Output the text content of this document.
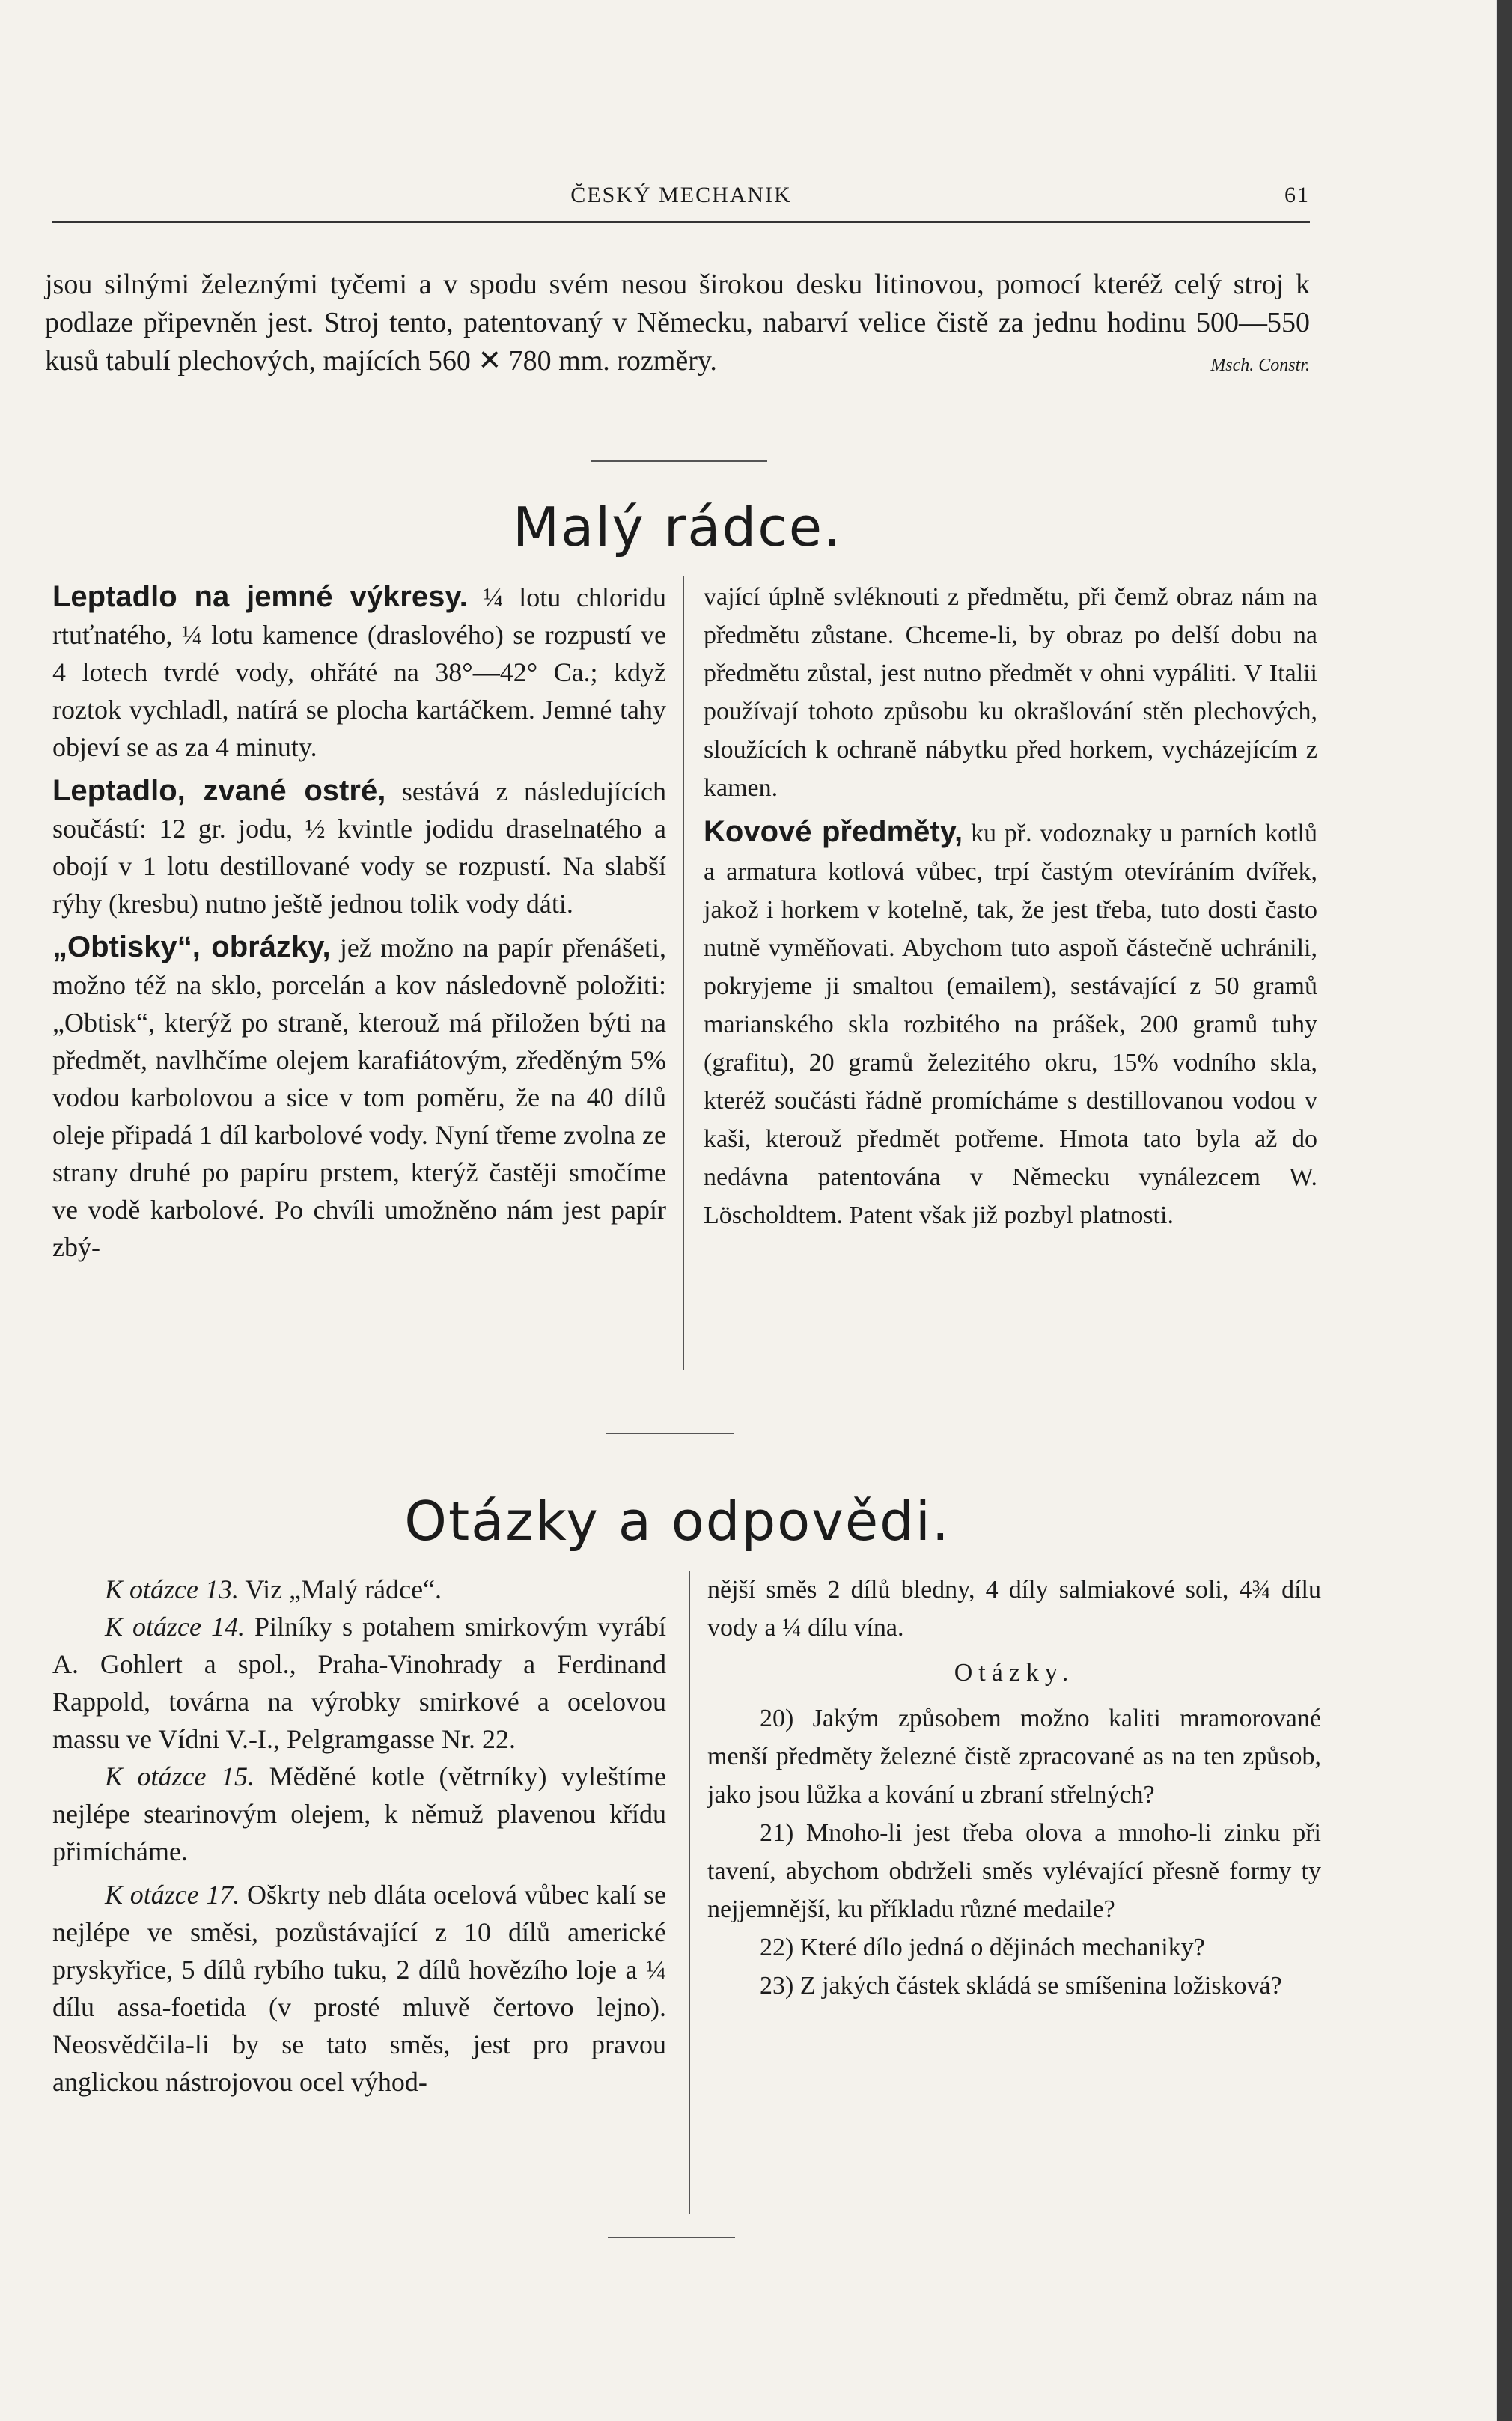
ČESKÝ MECHANIK	61

jsou silnými železnými tyčemi a v spodu svém nesou širokou desku litinovou, pomocí kteréž celý stroj k podlaze připevněn jest. Stroj tento, patentovaný v Německu, nabarví velice čistě za jednu hodinu 500—550 kusů tabulí plechových, majících 560 ✕ 780 mm. rozměry.	Msch. Constr.

Malý rádce.

Leptadlo na jemné výkresy. ¼ lotu chloridu rtuťnatého, ¼ lotu kamence (draslového) se rozpustí ve 4 lotech tvrdé vody, ohřáté na 38°—42° Ca.; když roztok vychladl, natírá se plocha kartáčkem. Jemné tahy objeví se as za 4 minuty.

Leptadlo, zvané ostré, sestává z následujících součástí: 12 gr. jodu, ½ kvintle jodidu draselnatého a obojí v 1 lotu destillované vody se rozpustí. Na slabší rýhy (kresbu) nutno ještě jednou tolik vody dáti.

„Obtisky“, obrázky, jež možno na papír přenášeti, možno též na sklo, porcelán a kov následovně položiti: „Obtisk“, kterýž po straně, kterouž má přiložen býti na předmět, navlhčíme olejem karafiátovým, zředěným 5% vodou karbolovou a sice v tom poměru, že na 40 dílů oleje připadá 1 díl karbolové vody. Nyní třeme zvolna ze strany druhé po papíru prstem, kterýž častěji smočíme ve vodě karbolové. Po chvíli umožněno nám jest papír zbý-

vající úplně svléknouti z předmětu, při čemž obraz nám na předmětu zůstane. Chceme-li, by obraz po delší dobu na předmětu zůstal, jest nutno předmět v ohni vypáliti. V Italii používají tohoto způsobu ku okrašlování stěn plechových, sloužících k ochraně nábytku před horkem, vycházejícím z kamen.

Kovové předměty, ku př. vodoznaky u parních kotlů a armatura kotlová vůbec, trpí častým otevíráním dvířek, jakož i horkem v kotelně, tak, že jest třeba, tuto dosti často nutně vyměňovati. Abychom tuto aspoň částečně uchránili, pokryjeme ji smaltou (emailem), sestávající z 50 gramů marianského skla rozbitého na prášek, 200 gramů tuhy (grafitu), 20 gramů železitého okru, 15% vodního skla, kteréž součásti řádně promícháme s destillovanou vodou v kaši, kterouž předmět potřeme. Hmota tato byla až do nedávna patentována v Německu vynálezcem W. Löscholdtem. Patent však již pozbyl platnosti.

Otázky a odpovědi.

K otázce 13. Viz „Malý rádce“.

K otázce 14. Pilníky s potahem smirkovým vyrábí A. Gohlert a spol., Praha-Vinohrady a Ferdinand Rappold, továrna na výrobky smirkové a ocelovou massu ve Vídni V.-I., Pelgramgasse Nr. 22.

K otázce 15. Měděné kotle (větrníky) vyleštíme nejlépe stearinovým olejem, k němuž plavenou křídu přimícháme.

K otázce 17. Oškrty neb dláta ocelová vůbec kalí se nejlépe ve směsi, pozůstávající z 10 dílů americké pryskyřice, 5 dílů rybího tuku, 2 dílů hovězího loje a ¼ dílu assa-foetida (v prosté mluvě čertovo lejno). Neosvědčila-li by se tato směs, jest pro pravou anglickou nástrojovou ocel výhod-

nější směs 2 dílů bledny, 4 díly salmiakové soli, 4¾ dílu vody a ¼ dílu vína.

Otázky.

20) Jakým způsobem možno kaliti mramorované menší předměty železné čistě zpracované as na ten způsob, jako jsou lůžka a kování u zbraní střelných?

21) Mnoho-li jest třeba olova a mnoho-li zinku při tavení, abychom obdrželi směs vylévající přesně formy ty nejjemnější, ku příkladu různé medaile?

22) Které dílo jedná o dějinách mechaniky?

23) Z jakých částek skládá se smíšenina ložisková?
